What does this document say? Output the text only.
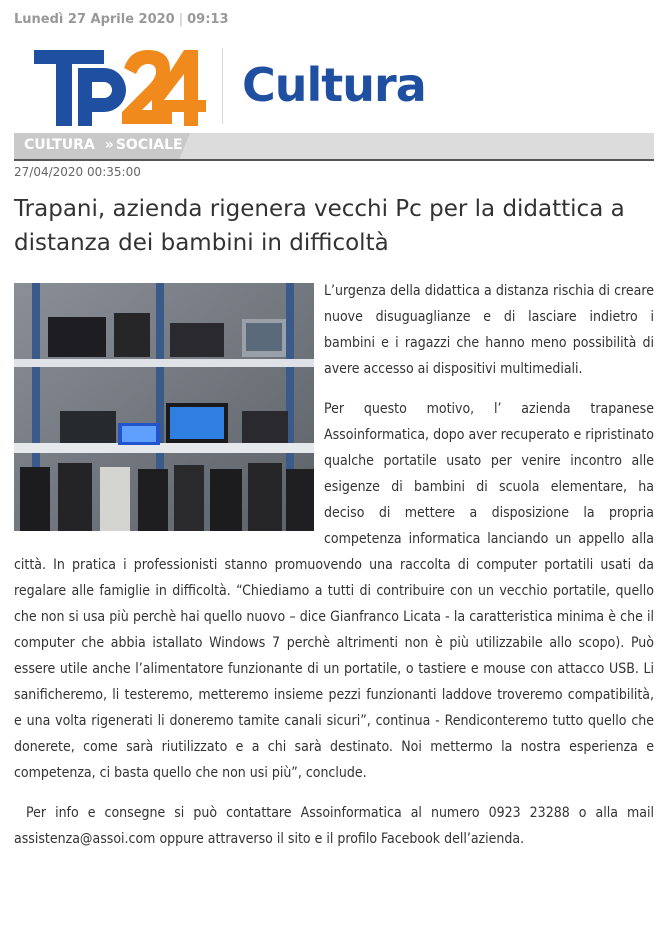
Lunedì 27 Aprile 2020 | 09:13
Cultura
CULTURA » SOCIALE
27/04/2020 00:35:00
Trapani, azienda rigenera vecchi Pc per la didattica a distanza dei bambini in difficoltà

L’urgenza della didattica a distanza rischia di creare nuove disuguaglianze e di lasciare indietro i bambini e i ragazzi che hanno meno possibilità di avere accesso ai dispositivi multimediali.

Per questo motivo, l’ azienda trapanese Assoinformatica, dopo aver recuperato e ripristinato qualche portatile usato per venire incontro alle esigenze di bambini di scuola elementare, ha deciso di mettere a disposizione la propria competenza informatica lanciando un appello alla città. In pratica i professionisti stanno promuovendo una raccolta di computer portatili usati da regalare alle famiglie in difficoltà. “Chiediamo a tutti di contribuire con un vecchio portatile, quello che non si usa più perchè hai quello nuovo – dice Gianfranco Licata - la caratteristica minima è che il computer che abbia istallato Windows 7 perchè altrimenti non è più utilizzabile allo scopo). Può essere utile anche l’alimentatore funzionante di un portatile, o tastiere e mouse con attacco USB. Li sanificheremo, li testeremo, metteremo insieme pezzi funzionanti laddove troveremo compatibilità, e una volta rigenerati li doneremo tamite canali sicuri”, continua - Rendiconteremo tutto quello che donerete, come sarà riutilizzato e a chi sarà destinato. Noi mettermo la nostra esperienza e competenza, ci basta quello che non usi più”, conclude.

Per info e consegne si può contattare Assoinformatica al numero 0923 23288 o alla mail assistenza@assoi.com oppure attraverso il sito e il profilo Facebook dell’azienda.
